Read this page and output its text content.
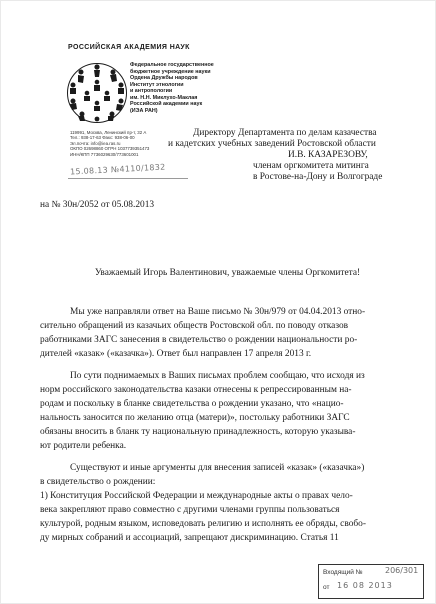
РОССИЙСКАЯ АКАДЕМИЯ НАУК
Федеральное государственное
бюджетное учреждение науки
Ордена Дружбы народов
Институт этнологии
и антропологии
им. Н.Н. Миклухо-Маклая
Российской академии наук
(ИЭА РАН)
119991, Москва, Ленинский пр-т, 32 А
Тел.: 938-17-63 Факс: 938-06-00
Эл.почта: info@iea.ras.ru
ОКПО 02698860 ОГРН 1037739351473
ИНН/КПП 7736029630/773601001
15.08.13 №4110/1832
Директору Департамента по делам казачества
и кадетских учебных заведений Ростовской области
И.В. КАЗАРЕЗОВУ,
членам оргкомитета митинга
в Ростове-на-Дону и Волгограде
на № 30н/2052 от 05.08.2013
Уважаемый Игорь Валентинович, уважаемые члены Оргкомитета!
Мы уже направляли ответ на Ваше письмо № 30н/979 от 04.04.2013 отно-
сительно обращений из казачьих обществ Ростовской обл. по поводу отказов
работниками ЗАГС занесения в свидетельство о рождении национальности ро-
дителей «казак» («казачка»). Ответ был направлен 17 апреля 2013 г.
По сути поднимаемых в Ваших письмах проблем сообщаю, что исходя из
норм российского законодательства казаки отнесены к репрессированным на-
родам и поскольку в бланке свидетельства о рождении указано, что «нацио-
нальность заносится по желанию отца (матери)», постольку работники ЗАГС
обязаны вносить в бланк ту национальную принадлежность, которую указыва-
ют родители ребенка.
Существуют и иные аргументы для внесения записей «казак» («казачка»)
в свидетельство о рождении:
1) Конституция Российской Федерации и международные акты о правах чело-
века закрепляют право совместно с другими членами группы пользоваться
культурой, родным языком, исповедовать религию и исполнять ее обряды, свобо-
ду мирных собраний и ассоциаций, запрещают дискриминацию. Статья 11
Входящий №	206/301
от 16 08 2013
